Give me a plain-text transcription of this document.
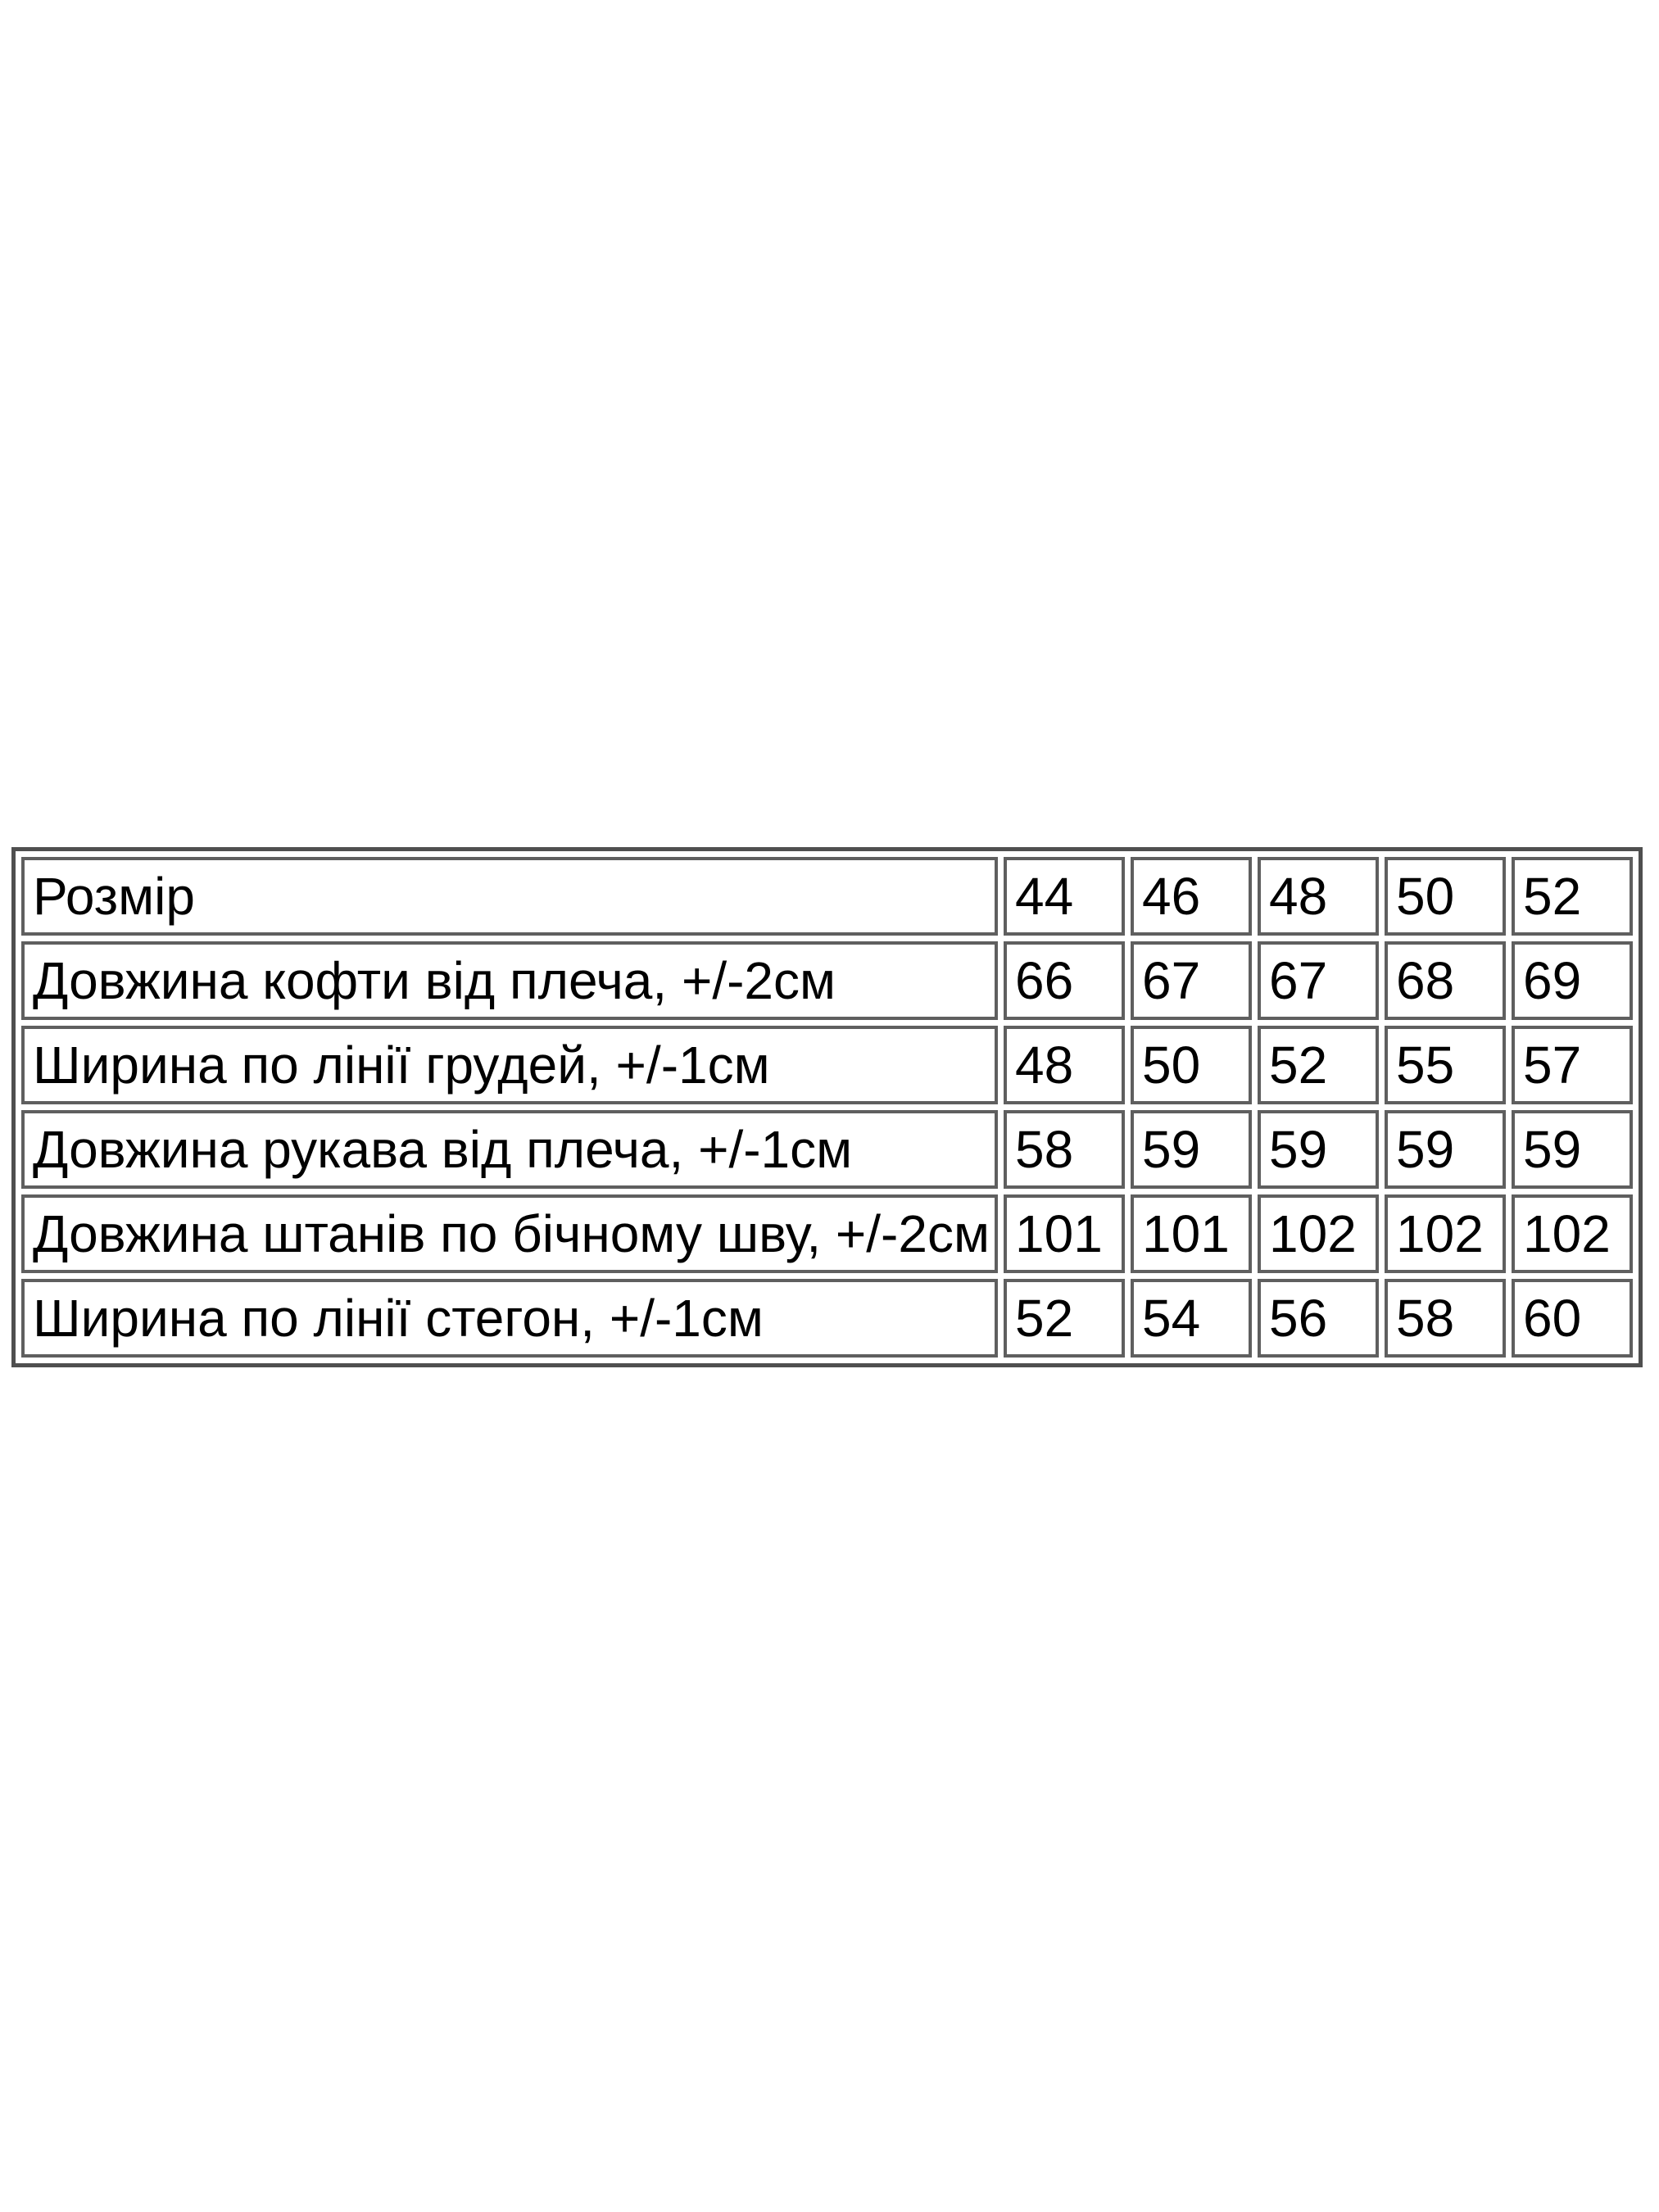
Розмір	44	46	48	50	52
Довжина кофти від плеча, +/-2см	66	67	67	68	69
Ширина по лінії грудей, +/-1см	48	50	52	55	57
Довжина рукава від плеча, +/-1см	58	59	59	59	59
Довжина штанів по бічному шву, +/-2см	101	101	102	102	102
Ширина по лінії стегон, +/-1см	52	54	56	58	60
